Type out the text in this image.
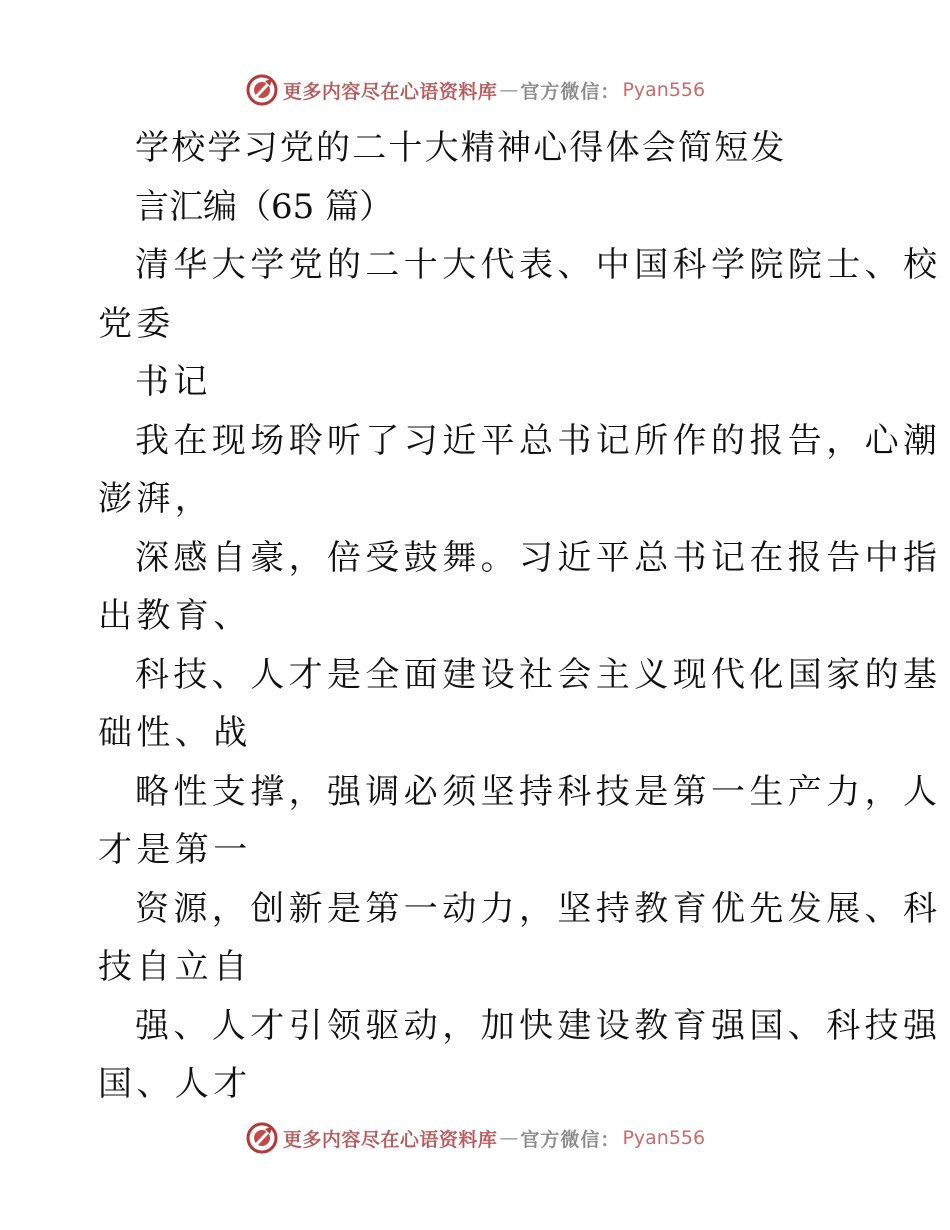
更多内容尽在心语资料库 — 官方微信： Pyan556
学校学习党的二十大精神心得体会简短发
言汇编（65 篇）
清华大学党的二十大代表、中国科学院院士、校
党委
书记
我在现场聆听了习近平总书记所作的报告，心潮
澎湃，
深感自豪，倍受鼓舞。习近平总书记在报告中指
出教育、
科技、人才是全面建设社会主义现代化国家的基
础性、战
略性支撑，强调必须坚持科技是第一生产力，人
才是第一
资源，创新是第一动力，坚持教育优先发展、科
技自立自
强、人才引领驱动，加快建设教育强国、科技强
国、人才
更多内容尽在心语资料库 — 官方微信： Pyan556
